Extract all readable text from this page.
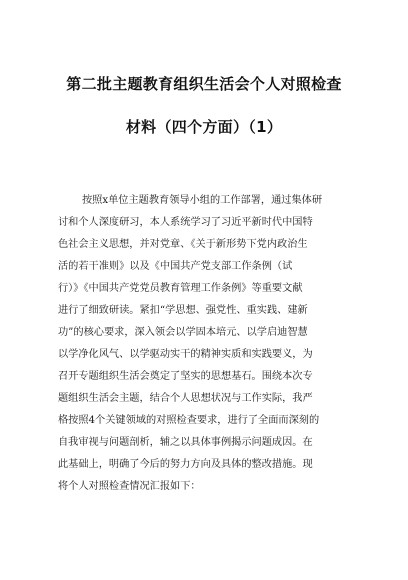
第二批主题教育组织生活会个人对照检查
材料（四个方面）（1）
按照x单位主题教育领导小组的工作部署，通过集体研
讨和个人深度研习，本人系统学习了习近平新时代中国特
色社会主义思想，并对党章、《关于新形势下党内政治生
活的若干准则》以及《中国共产党支部工作条例（试
行）》《中国共产党党员教育管理工作条例》等重要文献
进行了细致研读。紧扣“学思想、强党性、重实践、建新
功”的核心要求，深入领会以学固本培元、以学启迪智慧
以学净化风气、以学驱动实干的精神实质和实践要义，为
召开专题组织生活会奠定了坚实的思想基石。围绕本次专
题组织生活会主题，结合个人思想状况与工作实际，我严
格按照4个关键领域的对照检查要求，进行了全面而深刻的
自我审视与问题剖析，辅之以具体事例揭示问题成因。在
此基础上，明确了今后的努力方向及具体的整改措施。现
将个人对照检查情况汇报如下：
